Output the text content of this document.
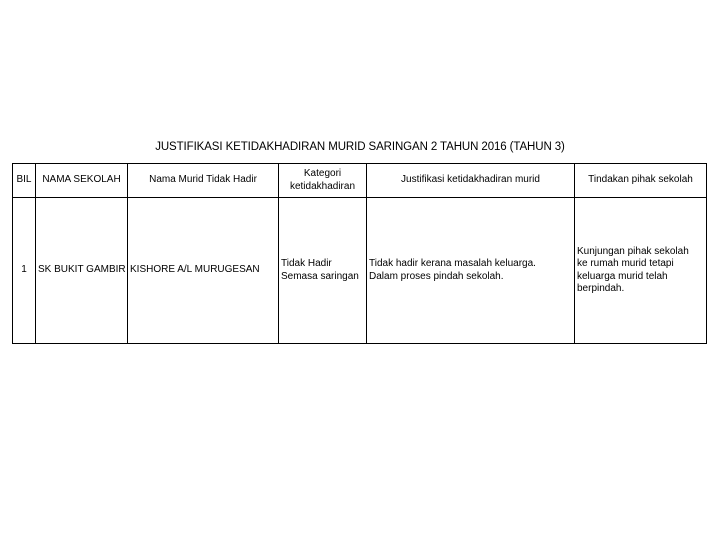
JUSTIFIKASI KETIDAKHADIRAN MURID SARINGAN 2 TAHUN 2016 (TAHUN 3)
BIL	NAMA SEKOLAH	Nama Murid Tidak Hadir	Kategori
ketidakhadiran	Justifikasi ketidakhadiran murid	Tindakan pihak sekolah
1	SK BUKIT GAMBIR	KISHORE A/L MURUGESAN	Tidak Hadir
Semasa saringan	Tidak hadir kerana masalah keluarga.
Dalam proses pindah sekolah.	Kunjungan pihak sekolah
ke rumah murid tetapi
keluarga murid telah
berpindah.
